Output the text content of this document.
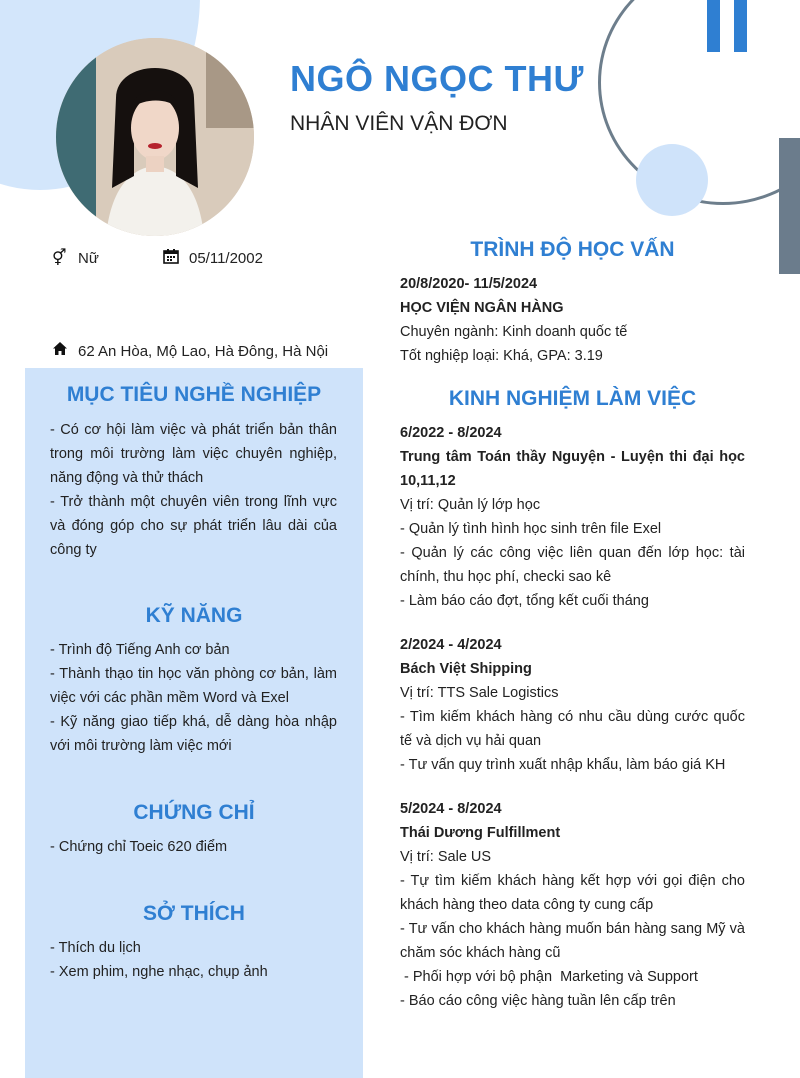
NGÔ NGỌC THƯ
NHÂN VIÊN VẬN ĐƠN
⚥ Nữ	05/11/2002
62 An Hòa, Mộ Lao, Hà Đông, Hà Nội
MỤC TIÊU NGHỀ NGHIỆP
- Có cơ hội làm việc và phát triển bản thân trong môi trường làm việc chuyên nghiệp, năng động và thử thách
- Trở thành một chuyên viên trong lĩnh vực và đóng góp cho sự phát triển lâu dài của công ty
KỸ NĂNG
- Trình độ Tiếng Anh cơ bản
- Thành thạo tin học văn phòng cơ bản, làm việc với các phần mềm Word và Exel
- Kỹ năng giao tiếp khá, dễ dàng hòa nhập với môi trường làm việc mới
CHỨNG CHỈ
- Chứng chỉ Toeic 620 điểm
SỞ THÍCH
- Thích du lịch
- Xem phim, nghe nhạc, chụp ảnh
TRÌNH ĐỘ HỌC VẤN
20/8/2020- 11/5/2024
HỌC VIỆN NGÂN HÀNG
Chuyên ngành: Kinh doanh quốc tế
Tốt nghiệp loại: Khá, GPA: 3.19
KINH NGHIỆM LÀM VIỆC
6/2022 - 8/2024
Trung tâm Toán thầy Nguyện - Luyện thi đại học 10,11,12
Vị trí: Quản lý lớp học
- Quản lý tình hình học sinh trên file Exel
- Quản lý các công việc liên quan đến lớp học: tài chính, thu học phí, checki sao kê
- Làm báo cáo đợt, tổng kết cuối tháng
2/2024 - 4/2024
Bách Việt Shipping
Vị trí: TTS Sale Logistics
- Tìm kiếm khách hàng có nhu cầu dùng cước quốc tế và dịch vụ hải quan
- Tư vấn quy trình xuất nhập khẩu, làm báo giá KH
5/2024 - 8/2024
Thái Dương Fulfillment
Vị trí: Sale US
- Tự tìm kiếm khách hàng kết hợp với gọi điện cho khách hàng theo data công ty cung cấp
- Tư vấn cho khách hàng muốn bán hàng sang Mỹ và chăm sóc khách hàng cũ
- Phối hợp với bộ phận  Marketing và Support
- Báo cáo công việc hàng tuần lên cấp trên
